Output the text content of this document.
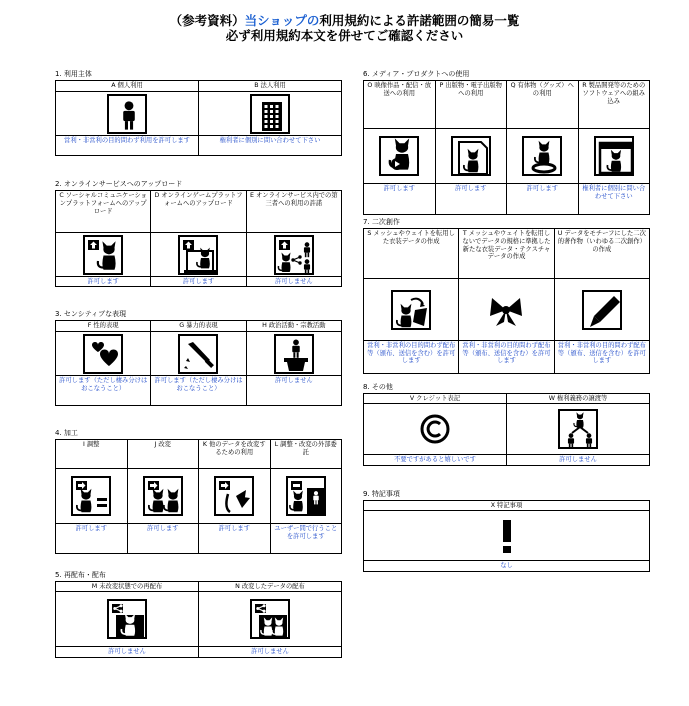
（参考資料）当ショップの利用規約による許諾範囲の簡易一覧
必ず利用規約本文を併せてご確認ください
1. 利用主体
A 個人利用
営利・非営利の目的問わず利用を許可します
B 法人利用
権利者に個別に問い合わせて下さい
2. オンラインサービスへのアップロード
C ソーシャルコミュニケーションプラットフォームへのアップロード
許可します
D オンラインゲームプラットフォームへのアップロード
許可します
E オンラインサービス内での第三者への利用の許諾
許可しません
3. センシティブな表現
F 性的表現
許可します（ただし棲み分けはおこなうこと）
G 暴力的表現
許可します（ただし棲み分けはおこなうこと）
H 政治活動・宗教活動
許可しません
4. 加工
I 調整
許可します
J 改変
許可します
K 他のデータを改変するための利用
許可します
L 調整・改変の外部委託
ユーザー間で行うことを許可します
5. 再配布・配布
M 未改変状態での再配布
許可しません
N 改変したデータの配布
許可しません
6. メディア・プロダクトへの使用
O 映像作品・配信・放送への利用
許可します
P 出版物・電子出版物への利用
許可します
Q 有体物（グッズ）への利用
許可します
R 製品開発等のためのソフトウェアへの組み込み
権利者に個別に問い合わせて下さい
7. 二次創作
S メッシュやウェイトを転用した衣装データの作成
営利・非営利の目的問わず配布等（頒布、送信を含む）を許可します
T メッシュやウェイトを転用しないでデータの規格に準拠した新たな衣装データ・テクスチャデータの作成
営利・非営利の目的問わず配布等（頒布、送信を含む）を許可します
U データをモチーフにした二次的著作物（いわゆる二次創作）の作成
営利・非営利の目的問わず配布等（頒布、送信を含む）を許可します
8. その他
V クレジット表記
不要ですがあると嬉しいです
W 権利義務の譲渡等
許可しません
9. 特記事項
X 特記事項
なし
